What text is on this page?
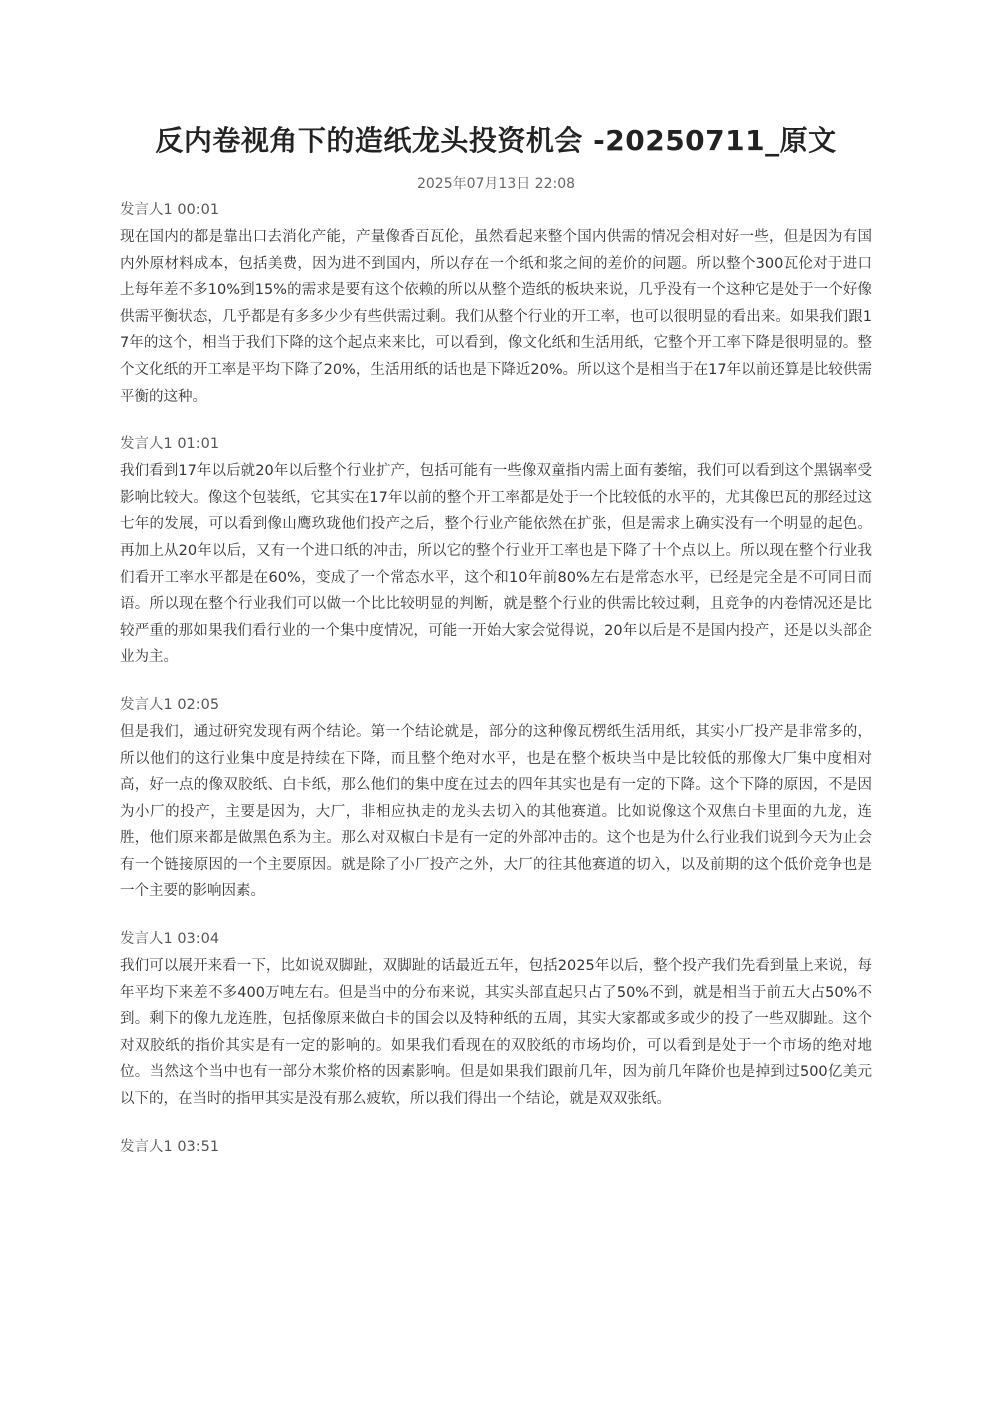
反内卷视角下的造纸龙头投资机会 -20250711_原文
2025年07月13日 22:08
发言人1 00:01

现在国内的都是靠出口去消化产能，产量像香百瓦伦，虽然看起来整个国内供需的情况会相对好一些，但是因为有国内外原材料成本，包括美费，因为进不到国内，所以存在一个纸和浆之间的差价的问题。所以整个300瓦伦对于进口上每年差不多10%到15%的需求是要有这个依赖的所以从整个造纸的板块来说，几乎没有一个这种它是处于一个好像供需平衡状态，几乎都是有多多少少有些供需过剩。我们从整个行业的开工率，也可以很明显的看出来。如果我们跟17年的这个，相当于我们下降的这个起点来来比，可以看到，像文化纸和生活用纸，它整个开工率下降是很明显的。整个文化纸的开工率是平均下降了20%，生活用纸的话也是下降近20%。所以这个是相当于在17年以前还算是比较供需平衡的这种。

发言人1 01:01

我们看到17年以后就20年以后整个行业扩产，包括可能有一些像双童指内需上面有萎缩，我们可以看到这个黑锅率受影响比较大。像这个包装纸，它其实在17年以前的整个开工率都是处于一个比较低的水平的，尤其像巴瓦的那经过这七年的发展，可以看到像山鹰玖珑他们投产之后，整个行业产能依然在扩张，但是需求上确实没有一个明显的起色。再加上从20年以后，又有一个进口纸的冲击，所以它的整个行业开工率也是下降了十个点以上。所以现在整个行业我们看开工率水平都是在60%，变成了一个常态水平，这个和10年前80%左右是常态水平，已经是完全是不可同日而语。所以现在整个行业我们可以做一个比比较明显的判断，就是整个行业的供需比较过剩，且竞争的内卷情况还是比较严重的那如果我们看行业的一个集中度情况，可能一开始大家会觉得说，20年以后是不是国内投产，还是以头部企业为主。

发言人1 02:05

但是我们，通过研究发现有两个结论。第一个结论就是，部分的这种像瓦楞纸生活用纸，其实小厂投产是非常多的，所以他们的这行业集中度是持续在下降，而且整个绝对水平，也是在整个板块当中是比较低的那像大厂集中度相对高，好一点的像双胶纸、白卡纸，那么他们的集中度在过去的四年其实也是有一定的下降。这个下降的原因，不是因为小厂的投产，主要是因为，大厂，非相应执走的龙头去切入的其他赛道。比如说像这个双焦白卡里面的九龙，连胜，他们原来都是做黑色系为主。那么对双椒白卡是有一定的外部冲击的。这个也是为什么行业我们说到今天为止会有一个链接原因的一个主要原因。就是除了小厂投产之外，大厂的往其他赛道的切入，以及前期的这个低价竞争也是一个主要的影响因素。

发言人1 03:04

我们可以展开来看一下，比如说双脚趾，双脚趾的话最近五年，包括2025年以后，整个投产我们先看到量上来说，每年平均下来差不多400万吨左右。但是当中的分布来说，其实头部直起只占了50%不到，就是相当于前五大占50%不到。剩下的像九龙连胜，包括像原来做白卡的国会以及特种纸的五周，其实大家都或多或少的投了一些双脚趾。这个对双胶纸的指价其实是有一定的影响的。如果我们看现在的双胶纸的市场均价，可以看到是处于一个市场的绝对地位。当然这个当中也有一部分木浆价格的因素影响。但是如果我们跟前几年，因为前几年降价也是掉到过500亿美元以下的，在当时的指甲其实是没有那么疲软，所以我们得出一个结论，就是双双张纸。

发言人1 03:51
